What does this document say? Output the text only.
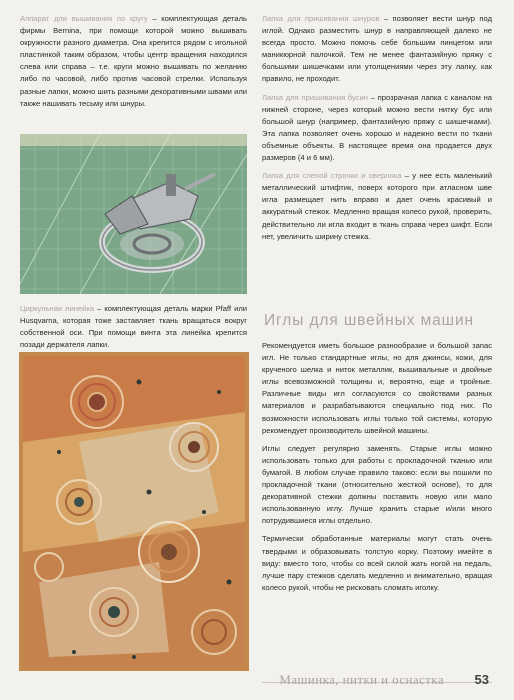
Аппарат для вышивания по кругу – комплектующая деталь фирмы Bernina, при помощи которой можно вышивать окружности разного диаметра. Она крепится рядом с игольной пластинкой таким образом, чтобы центр вращения находился слева или справа – т.е. круги можно вышивать по желанию либо по часовой, либо против часовой стрелки. Используя разные лапки, можно шить разными декоративными швами или также нашивать тесьму или шнуры.

Циркульная линейка – комплектующая деталь марки Pfaff или Husqvarna, которая тоже заставляет ткань вращаться вокруг собственной оси. При помощи винта эта линейка крепится позади держателя лапки.

Лапка для пришивания шнуров – позволяет вести шнур под иглой. Однако разместить шнур в направляющей далеко не всегда просто. Можно помочь себе большим пинцетом или маникюрной палочкой. Тем не менее фантазийную пряжу с большими шишечками или утолщениями через эту лапку, как правило, не проходит.

Лапка для пришивания бусин – прозрачная лапка с каналом на нижней стороне, через который можно вести нитку бус или большой шнур (например, фантазийную пряжу с шишечками). Эта лапка позволяет очень хорошо и надежно вести по ткани объемные объекты. В настоящее время она продается двух размеров (4 и 6 мм).

Лапка для слепой строчки и оверлока – у нее есть маленький металлический штифтик, поверх которого при атласном шве игла размещает нить вправо и дает очень красивый и аккуратный стежок. Медленно вращая колесо рукой, проверить, действительно ли игла входит в ткань справа через шифт. Если нет, увеличить ширину стежка.

Иглы для швейных машин

Рекомендуется иметь большое разнообразие и большой запас игл. Не только стандартные иглы, но для джинсы, кожи, для крученого шелка и ниток металлик, вышивальные и двойные иглы всевозможной толщины и, вероятно, еще и тройные. Различные виды игл согласуются со свойствами разных материалов и разрабатываются специально под них. По возможности использовать иглы только той системы, которую рекомендует производитель швейной машины.

Иглы следует регулярно заменять. Старые иглы можно использовать только для работы с прокладочной тканью или бумагой. В любом случае правило таково: если вы пошили по прокладочной ткани (относительно жесткой основе), то для декоративной стежки должны поставить новую или мало использованную иглу. Лучше хранить старые и/или много потрудившиеся иглы отдельно.

Термически обработанные материалы могут стать очень твердыми и образовывать толстую корку. Поэтому имейте в виду: вместо того, чтобы со всей силой жать ногой на педаль, лучше пару стежков сделать медленно и внимательно, вращая колесо рукой, чтобы не рисковать сломать иголку.

Машинка, нитки и оснастка 53
